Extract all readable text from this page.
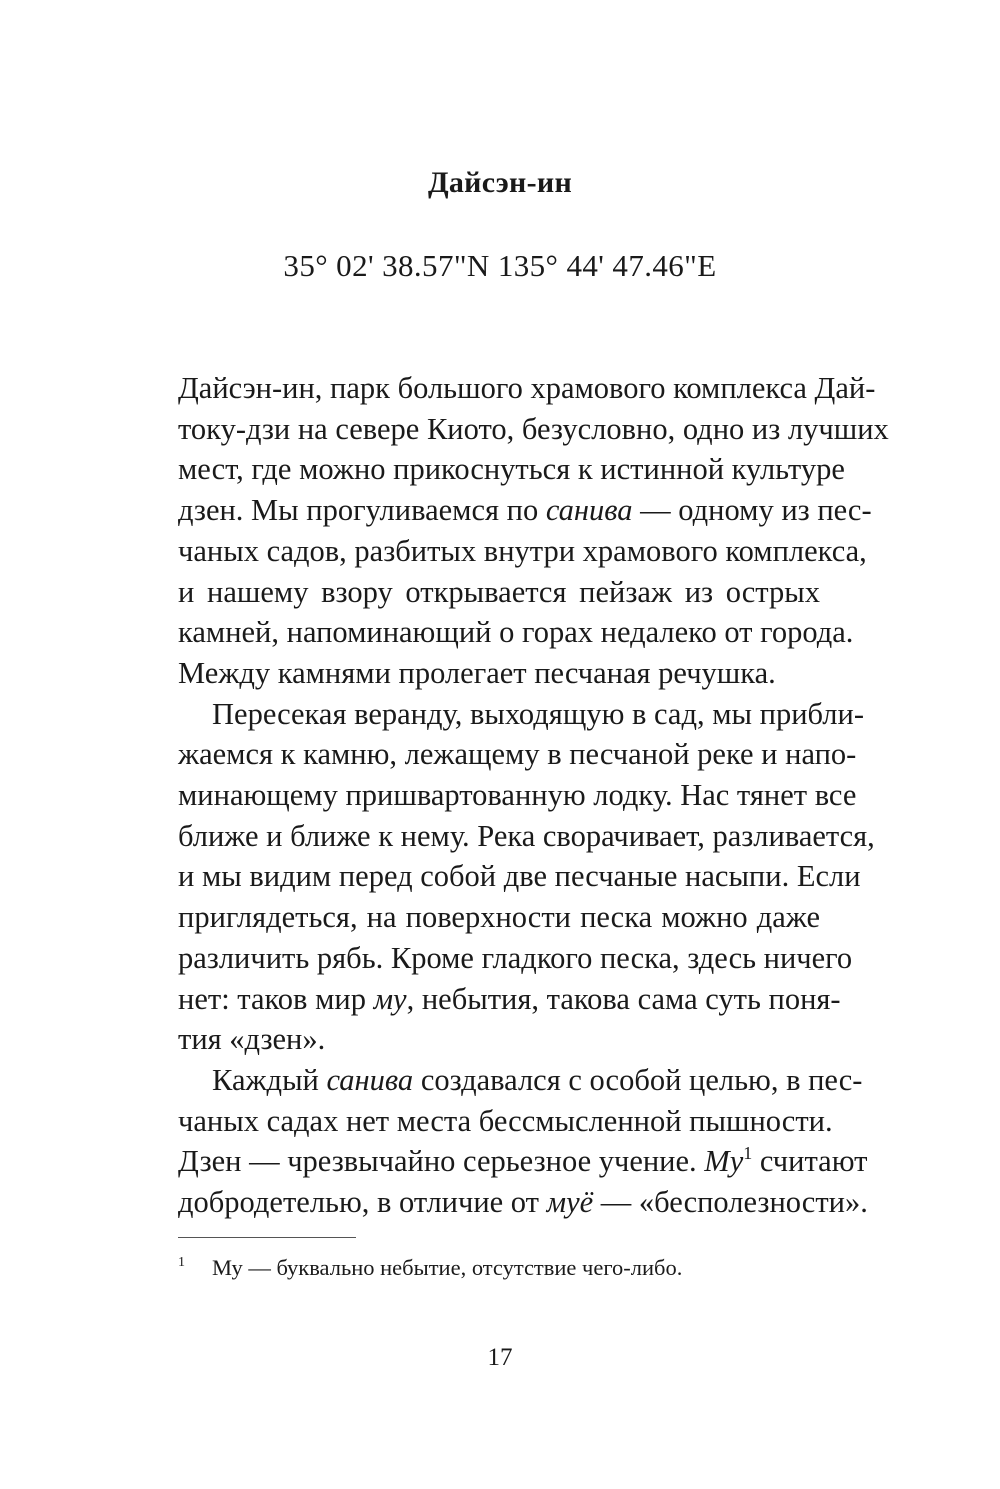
Дайсэн-ин
35° 02' 38.57"N 135° 44' 47.46"E
Дайсэн-ин, парк большого храмового комплекса Дай-
току-дзи на севере Киото, безусловно, одно из лучших
мест, где можно прикоснуться к истинной культуре
дзен. Мы прогуливаемся по санива — одному из пес-
чаных садов, разбитых внутри храмового комплекса,
и нашему взору открывается пейзаж из острых
камней, напоминающий о горах недалеко от города.
Между камнями пролегает песчаная речушка.
Пересекая веранду, выходящую в сад, мы прибли-
жаемся к камню, лежащему в песчаной реке и напо-
минающему пришвартованную лодку. Нас тянет все
ближе и ближе к нему. Река сворачивает, разливается,
и мы видим перед собой две песчаные насыпи. Если
приглядеться, на поверхности песка можно даже
различить рябь. Кроме гладкого песка, здесь ничего
нет: таков мир му, небытия, такова сама суть поня-
тия «дзен».
Каждый санива создавался с особой целью, в пес-
чаных садах нет места бессмысленной пышности.
Дзен — чрезвычайно серьезное учение. $Му^1$ считают
добродетелью, в отличие от муё — «бесполезности».
1 Му — буквально небытие, отсутствие чего-либо.
17
